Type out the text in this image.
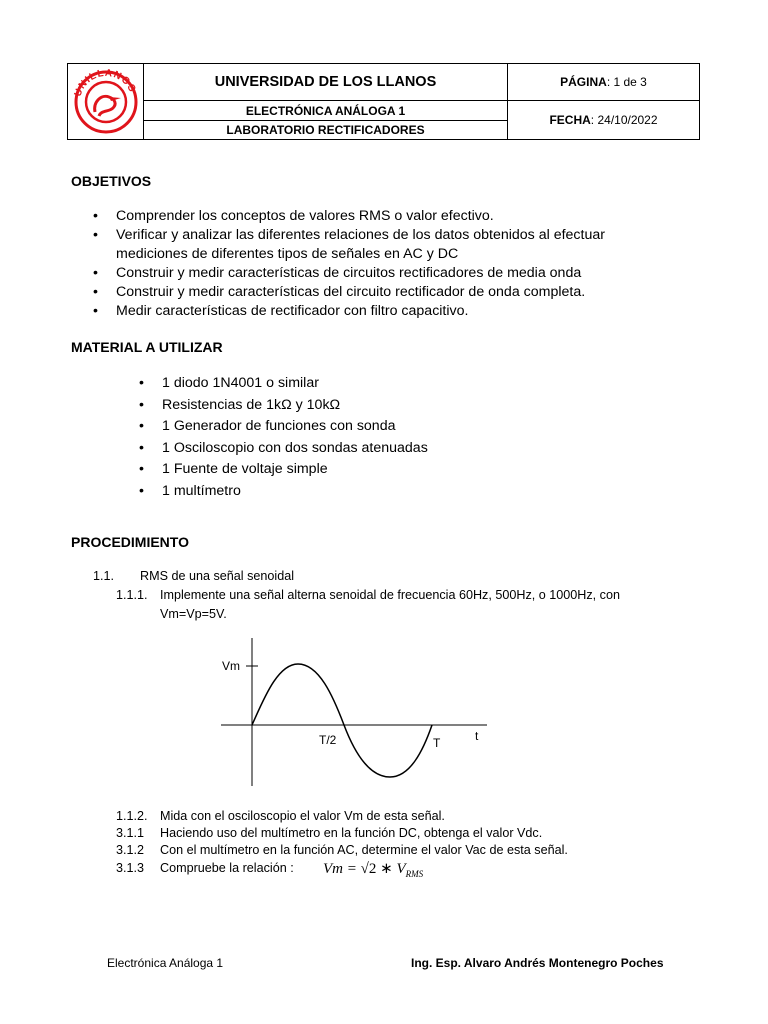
UNILLANOS	UNIVERSIDAD DE LOS LLANOS	PÁGINA: 1 de 3
	ELECTRÓNICA ANÁLOGA 1	FECHA: 24/10/2022
	LABORATORIO RECTIFICADORES	

OBJETIVOS

• Comprender los conceptos de valores RMS o valor efectivo.
• Verificar y analizar las diferentes relaciones de los datos obtenidos al efectuar mediciones de diferentes tipos de señales en AC y DC
• Construir y medir características de circuitos rectificadores de media onda
• Construir y medir características del circuito rectificador de onda completa.
• Medir características de rectificador con filtro capacitivo.

MATERIAL A UTILIZAR

• 1 diodo 1N4001 o similar
• Resistencias de 1kΩ y 10kΩ
• 1 Generador de funciones con sonda
• 1 Osciloscopio con dos sondas atenuadas
• 1 Fuente de voltaje simple
• 1 multímetro

PROCEDIMIENTO

1.1. RMS de una señal senoidal
1.1.1. Implemente una señal alterna senoidal de frecuencia 60Hz, 500Hz, o 1000Hz, con
Vm=Vp=5V.
Vm
T/2	T	t
1.1.2. Mida con el osciloscopio el valor Vm de esta señal.
3.1.1 Haciendo uso del multímetro en la función DC, obtenga el valor Vdc.
3.1.2 Con el multímetro en la función AC, determine el valor Vac de esta señal.
3.1.3 Compruebe la relación : Vm = √2 ∗ $V_{RMS}$
Electrónica Análoga 1	Ing. Esp. Alvaro Andrés Montenegro Poches
